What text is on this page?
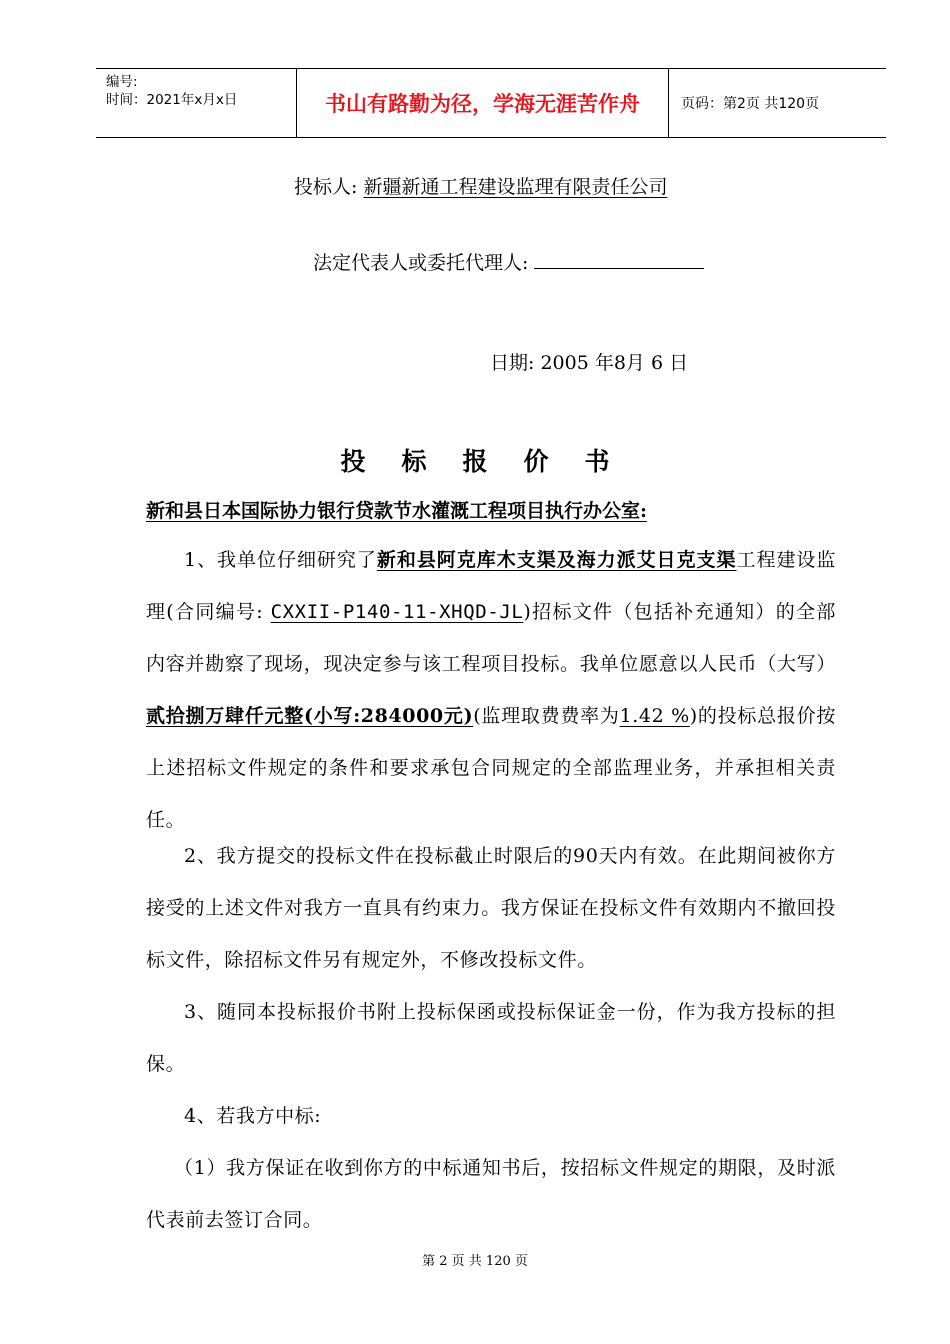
编号:
时间：2021年x月x日	书山有路勤为径，学海无涯苦作舟	页码：第2页 共120页
投标人: 新疆新通工程建设监理有限责任公司
法定代表人或委托代理人:
日期: 2005 年8月 6 日
投标报价书
新和县日本国际协力银行贷款节水灌溉工程项目执行办公室:
1、我单位仔细研究了新和县阿克库木支渠及海力派艾日克支渠工程建设监理(合同编号: CXXII-P140-11-XHQD-JL)招标文件（包括补充通知）的全部内容并勘察了现场，现决定参与该工程项目投标。我单位愿意以人民币（大写）贰拾捌万肆仟元整(小写:284000元)(监理取费费率为1.42 %)的投标总报价按上述招标文件规定的条件和要求承包合同规定的全部监理业务，并承担相关责任。
2、我方提交的投标文件在投标截止时限后的90天内有效。在此期间被你方接受的上述文件对我方一直具有约束力。我方保证在投标文件有效期内不撤回投标文件，除招标文件另有规定外，不修改投标文件。
3、随同本投标报价书附上投标保函或投标保证金一份，作为我方投标的担保。
4、若我方中标:
（1）我方保证在收到你方的中标通知书后，按招标文件规定的期限，及时派代表前去签订合同。
第 2 页 共 120 页
